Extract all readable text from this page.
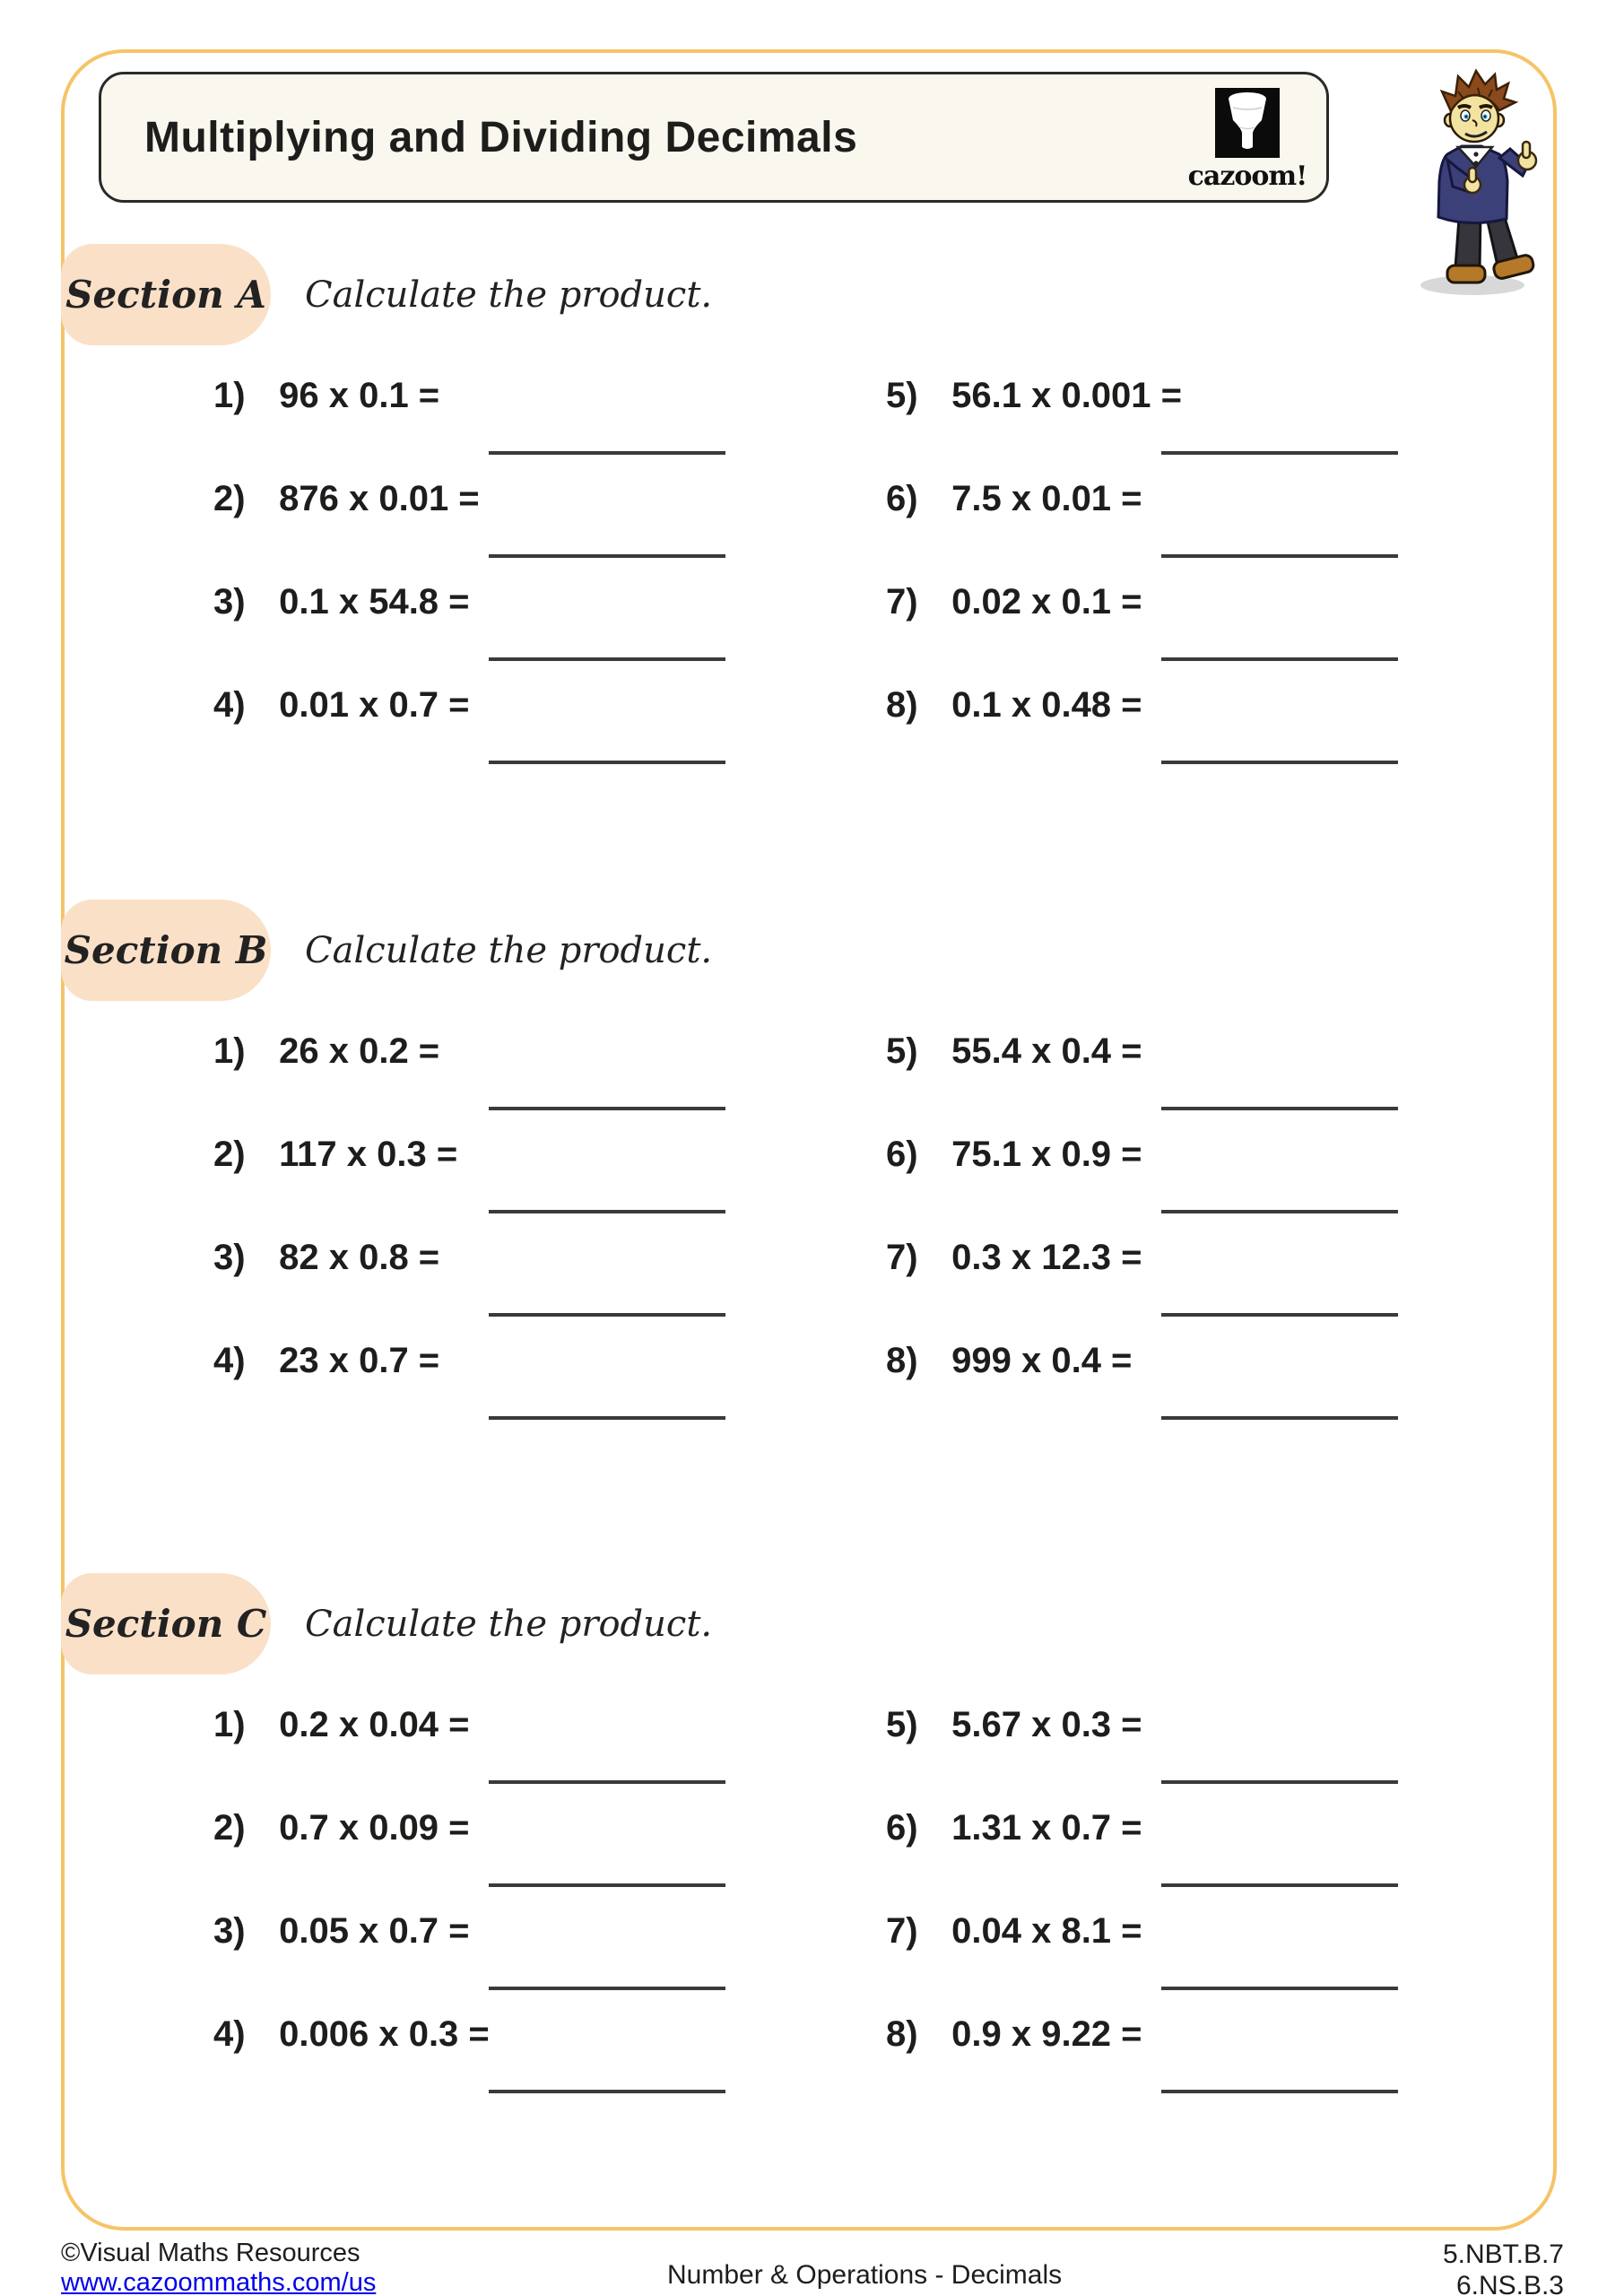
Multiplying and Dividing Decimals
cazoom!
Section A Calculate the product.
1) 96 x 0.1 =
2) 876 x 0.01 =
3) 0.1 x 54.8 =
4) 0.01 x 0.7 =
5) 56.1 x 0.001 =
6) 7.5 x 0.01 =
7) 0.02 x 0.1 =
8) 0.1 x 0.48 =
Section B Calculate the product.
1) 26 x 0.2 =
2) 117 x 0.3 =
3) 82 x 0.8 =
4) 23 x 0.7 =
5) 55.4 x 0.4 =
6) 75.1 x 0.9 =
7) 0.3 x 12.3 =
8) 999 x 0.4 =
Section C Calculate the product.
1) 0.2 x 0.04 =
2) 0.7 x 0.09 =
3) 0.05 x 0.7 =
4) 0.006 x 0.3 =
5) 5.67 x 0.3 =
6) 1.31 x 0.7 =
7) 0.04 x 8.1 =
8) 0.9 x 9.22 =
©Visual Maths Resources
www.cazoommaths.com/us	Number & Operations - Decimals
5.NBT.B.7
6.NS.B.3
